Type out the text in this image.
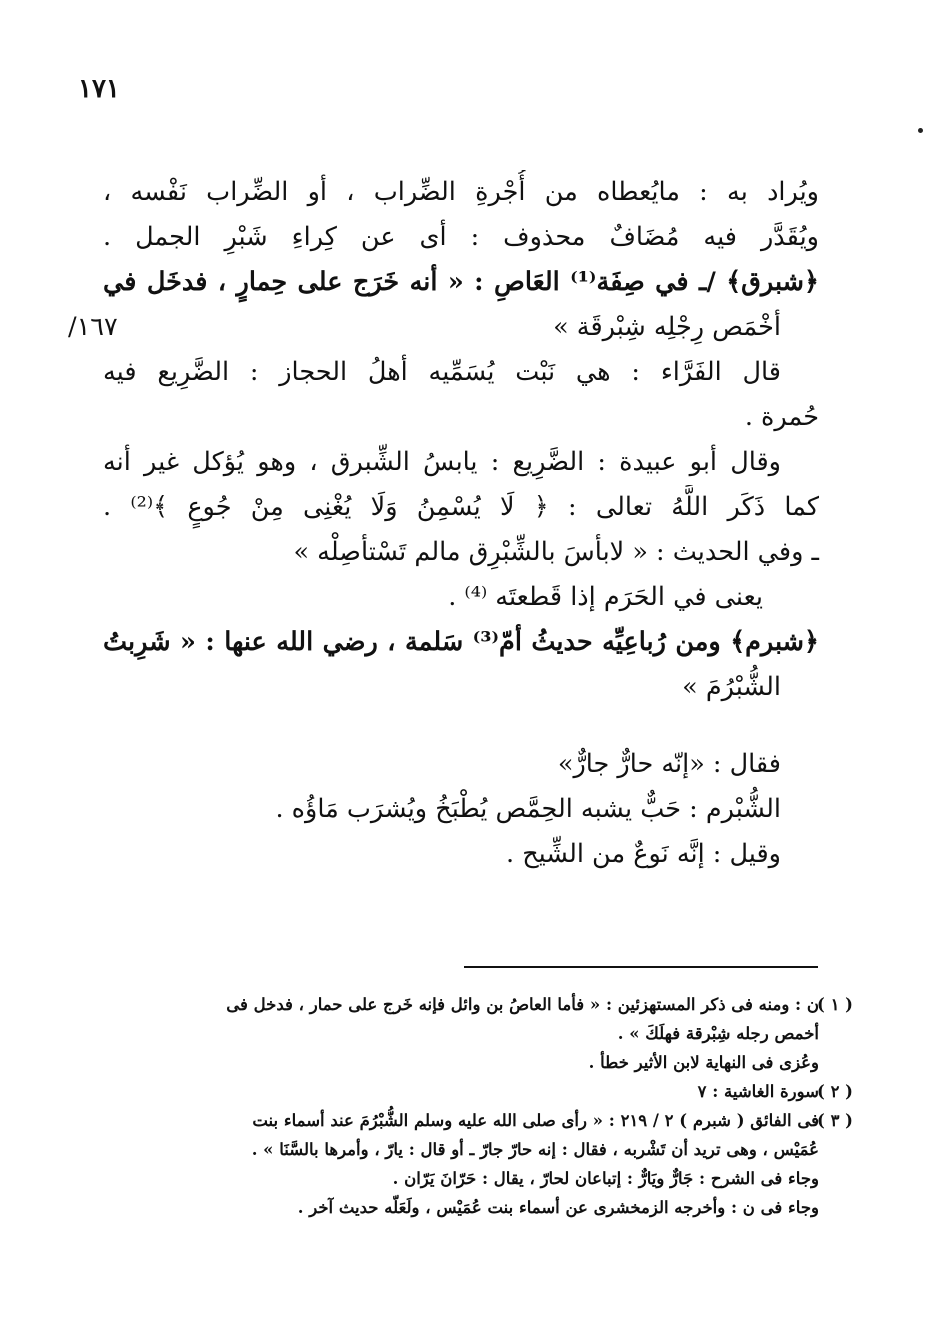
١٧١
ويُراد به : مايُعطاه من أُجْرةِ الضِّراب ، أو الضِّراب نَفْسه ،
ويُقَدَّر فيه مُضَافٌ محذوف : أى عن كِراءِ شَبْرِ الجمل .
﴿شبرق﴾ /ـ في صِفَة⁽¹⁾ العَاصِ : « أنه خَرَج على حِمارٍ ، فدخَل في
أخْمَص رِجْلِه شِبْرقَة »
١٦٧/
قال الفَرَّاء : هي نَبْت يُسَمِّيه أهلُ الحجاز : الضَّرِيع فيه
حُمرة .
وقال أبو عبيدة : الضَّرِيع : يابسُ الشِّبرق ، وهو يُؤكل غير أنه
كما ذَكَر اللَّهُ تعالى : ﴿ لَا يُسْمِنُ وَلَا يُغْنِى مِنْ جُوعٍ ﴾⁽²⁾ .
ـ وفي الحديث : « لابأسَ بالشِّبْرِق مالم تَسْتأصِلْه »
يعنى في الحَرَم إذا قَطعتَه ⁽⁴⁾ .
﴿شبرم﴾ ومن رُباعِيِّه حديثُ أمّ⁽³⁾ سَلمة ، رضي الله عنها : « شَرِبتُ
الشُّبْرُمَ »
فقال : «إنّه حارٌّ جارٌّ»
الشُّبْرم : حَبٌّ يشبه الحِمَّص يُطْبَخُ ويُشرَب مَاؤُه .
وقيل : إنَّه نَوعٌ من الشِّيح .
( ١ )
ن : ومنه فى ذكر المستهزئين : « فأما العاصُ بن وائل فإنه خَرج على حمار ، فدخل فى
أخمص رجله شِبْرقة فهلَكَ » .
وعُزى فى النهاية لابن الأثير خطأ .
( ٢ )
سورة الغاشية : ٧
( ٣ )
فى الفائق ( شبرم ) ٢ / ٢١٩ : « رأى صلى الله عليه وسلم الشُّبْرُمَ عند أسماء بنت
عُمَيْس ، وهى تريد أن تَشْربه ، فقال : إنه حارّ جارّ ـ أو قال : يارّ ، وأمرها بالسَّنَا » .
وجاء فى الشرح : جَارٌّ ويَارٌّ : إتباعان لحارّ ، يقال : حَرّانَ يَرّان .
وجاء فى ن : وأخرجه الزمخشرى عن أسماء بنت عُمَيْس ، ولَعَلّه حديث آخر .
